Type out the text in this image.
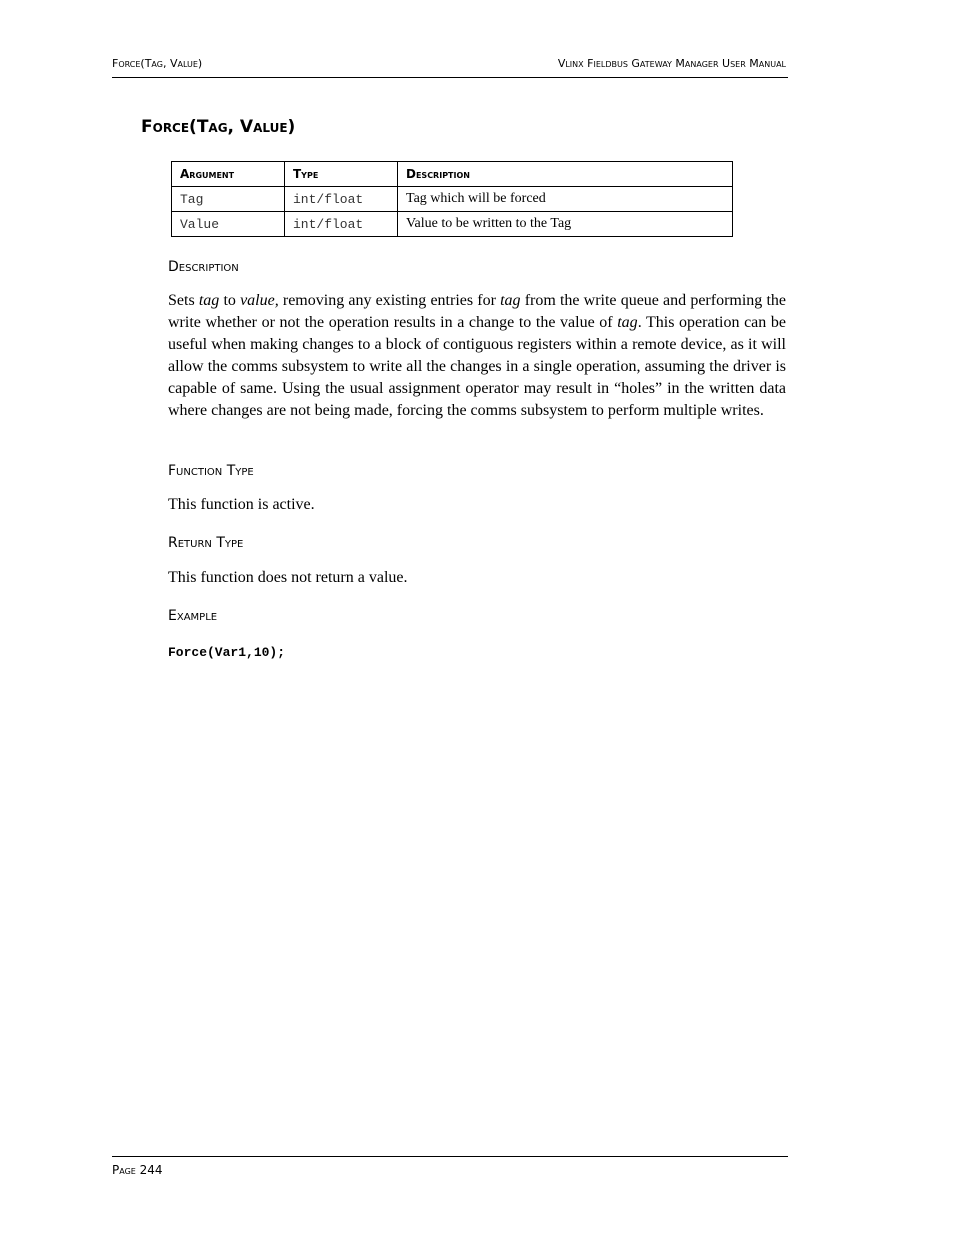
Force(Tag, Value)	Vlinx Fieldbus Gateway Manager User Manual
Force(Tag, Value)
Argument	Type	Description
Tag	int/float	Tag which will be forced
Value	int/float	Value to be written to the Tag
Description

Sets tag to value, removing any existing entries for tag from the write queue and performing the write whether or not the operation results in a change to the value of tag. This operation can be useful when making changes to a block of contiguous registers within a remote device, as it will allow the comms subsystem to write all the changes in a single operation, assuming the driver is capable of same. Using the usual assignment operator may result in “holes” in the written data where changes are not being made, forcing the comms subsystem to perform multiple writes.

Function Type

This function is active.

Return Type

This function does not return a value.

Example
Force(Var1,10);
Page 244
